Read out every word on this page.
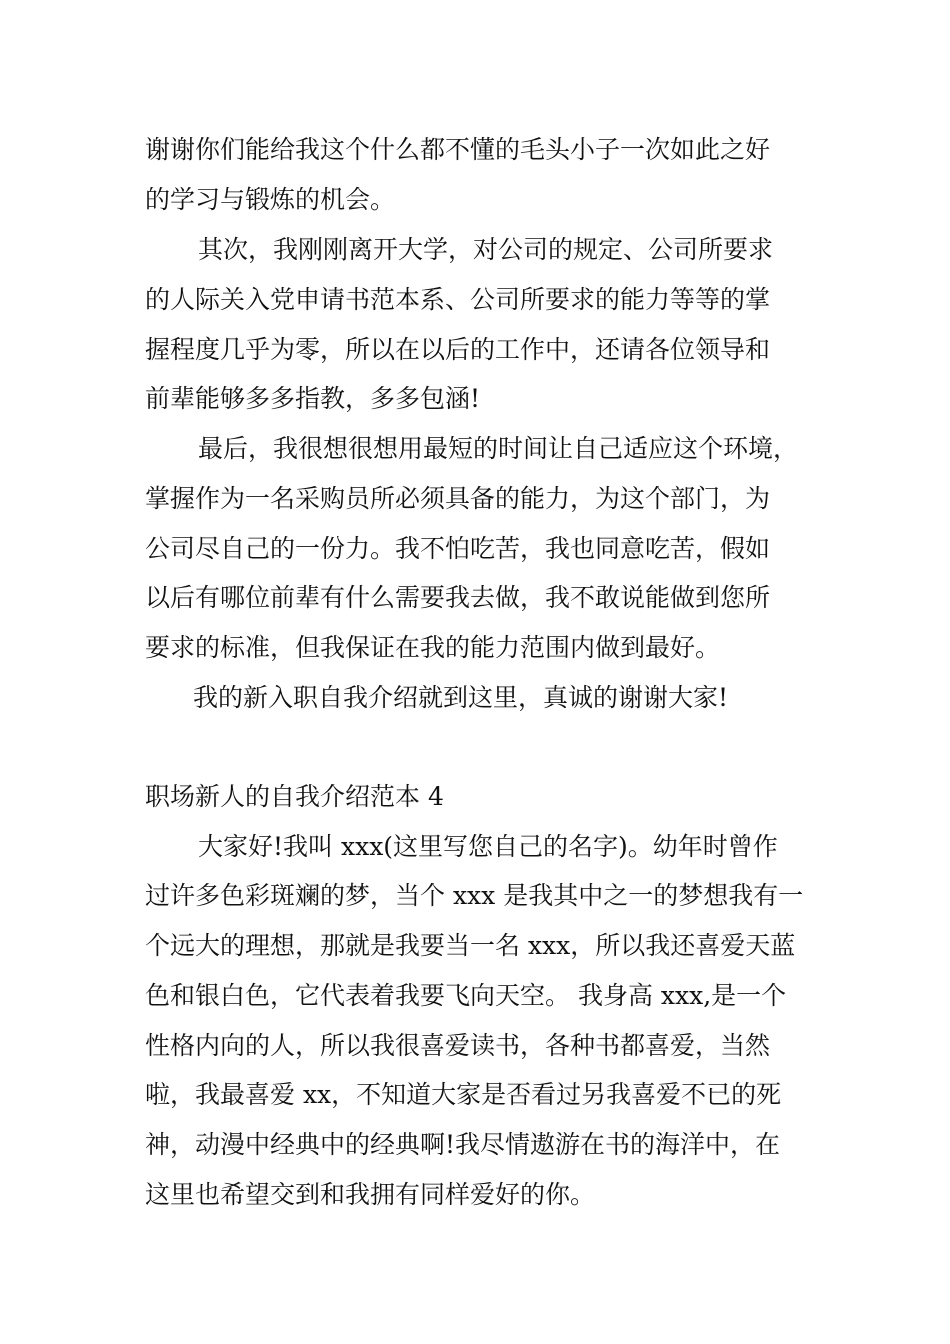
谢谢你们能给我这个什么都不懂的毛头小子一次如此之好
的学习与锻炼的机会。
其次，我刚刚离开大学，对公司的规定、公司所要求
的人际关入党申请书范本系、公司所要求的能力等等的掌
握程度几乎为零，所以在以后的工作中，还请各位领导和
前辈能够多多指教，多多包涵!
最后，我很想很想用最短的时间让自己适应这个环境，
掌握作为一名采购员所必须具备的能力，为这个部门，为
公司尽自己的一份力。我不怕吃苦，我也同意吃苦，假如
以后有哪位前辈有什么需要我去做，我不敢说能做到您所
要求的标准，但我保证在我的能力范围内做到最好。
我的新入职自我介绍就到这里，真诚的谢谢大家!
职场新人的自我介绍范本 4
大家好!我叫 xxx(这里写您自己的名字)。幼年时曾作
过许多色彩斑斓的梦，当个 xxx 是我其中之一的梦想我有一
个远大的理想，那就是我要当一名 xxx，所以我还喜爱天蓝
色和银白色，它代表着我要飞向天空。 我身高 xxx,是一个
性格内向的人，所以我很喜爱读书，各种书都喜爱，当然
啦，我最喜爱 xx，不知道大家是否看过另我喜爱不已的死
神，动漫中经典中的经典啊!我尽情遨游在书的海洋中，在
这里也希望交到和我拥有同样爱好的你。
